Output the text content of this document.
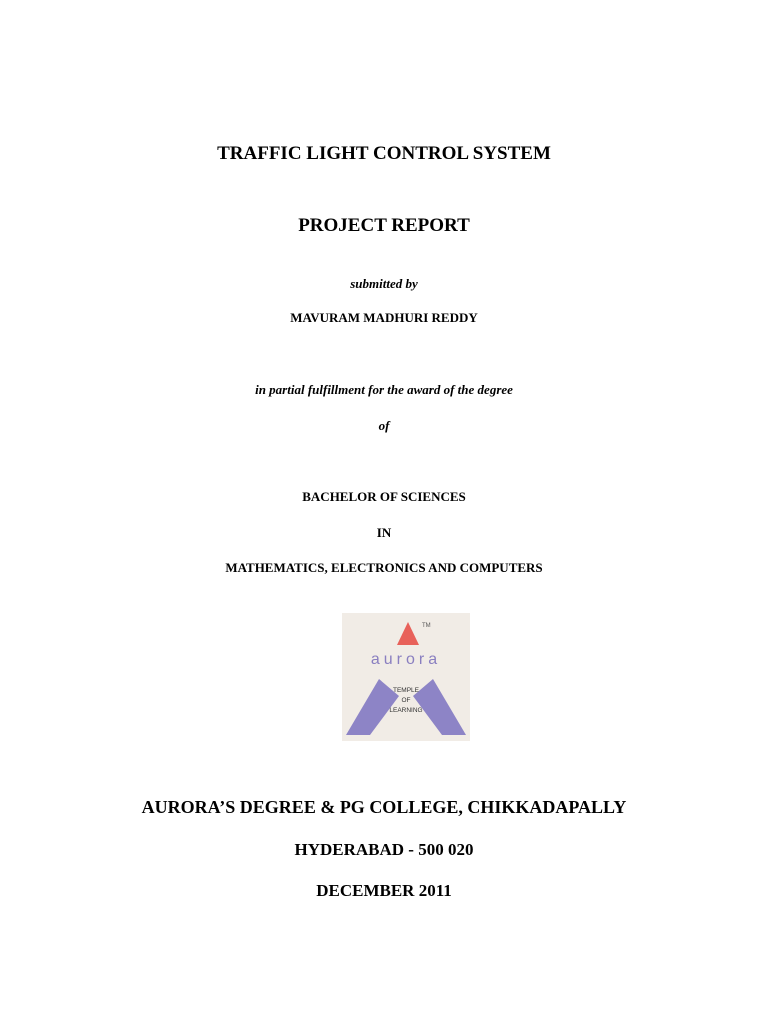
TRAFFIC LIGHT CONTROL SYSTEM
PROJECT REPORT
submitted by
MAVURAM MADHURI REDDY
in partial fulfillment for the award of the degree
of
BACHELOR OF SCIENCES
IN
MATHEMATICS, ELECTRONICS AND COMPUTERS
TM
aurora
TEMPLE
OF
LEARNING
AURORA’S DEGREE & PG COLLEGE, CHIKKADAPALLY
HYDERABAD - 500 020
DECEMBER 2011
